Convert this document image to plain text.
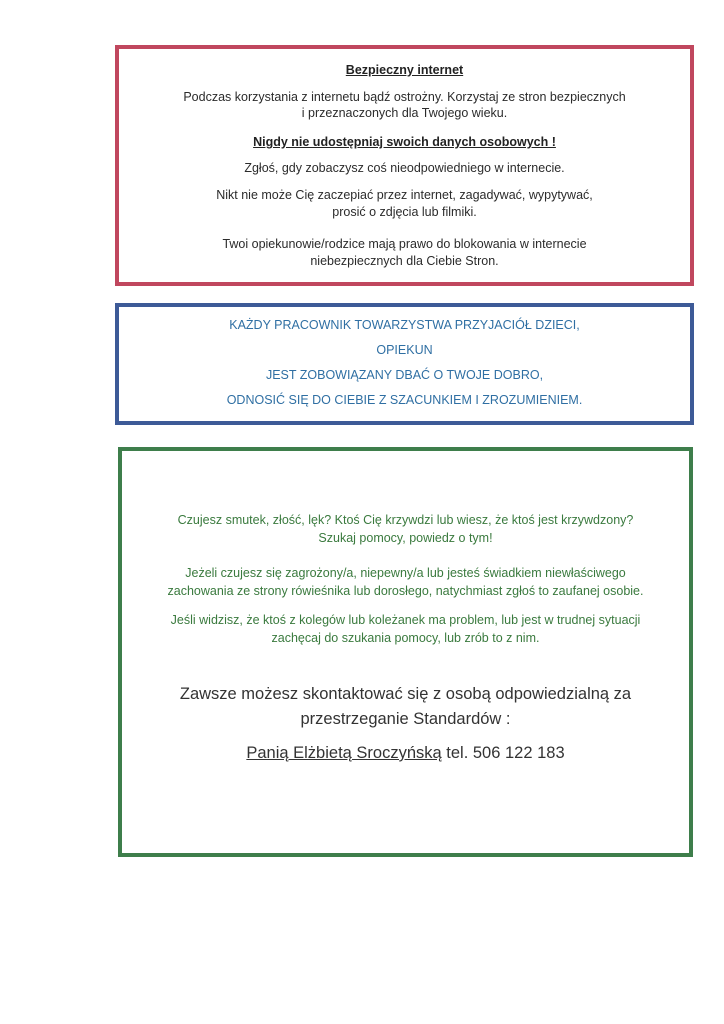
Bezpieczny internet
Podczas korzystania z internetu bądź ostrożny. Korzystaj ze stron bezpiecznych
i przeznaczonych dla Twojego wieku.
Nigdy nie udostępniaj swoich danych osobowych !
Zgłoś, gdy zobaczysz coś nieodpowiedniego w internecie.
Nikt nie może Cię zaczepiać przez internet, zagadywać, wypytywać,
prosić o zdjęcia lub filmiki.
Twoi opiekunowie/rodzice mają prawo do blokowania w internecie
niebezpiecznych dla Ciebie Stron.
KAŻDY PRACOWNIK TOWARZYSTWA PRZYJACIÓŁ DZIECI,
OPIEKUN
JEST ZOBOWIĄZANY DBAĆ O TWOJE DOBRO,
ODNOSIĆ SIĘ DO CIEBIE Z SZACUNKIEM I ZROZUMIENIEM.
Czujesz smutek, złość, lęk? Ktoś Cię krzywdzi lub wiesz, że ktoś jest krzywdzony?
Szukaj pomocy, powiedz o tym!
Jeżeli czujesz się zagrożony/a, niepewny/a lub jesteś świadkiem niewłaściwego
zachowania ze strony rówieśnika lub dorosłego, natychmiast zgłoś to zaufanej osobie.
Jeśli widzisz, że ktoś z kolegów lub koleżanek ma problem, lub jest w trudnej sytuacji
zachęcaj do szukania pomocy, lub zrób to z nim.
Zawsze możesz skontaktować się z osobą odpowiedzialną za
przestrzeganie Standardów :
Panią Elżbietą Sroczyńską tel. 506 122 183
